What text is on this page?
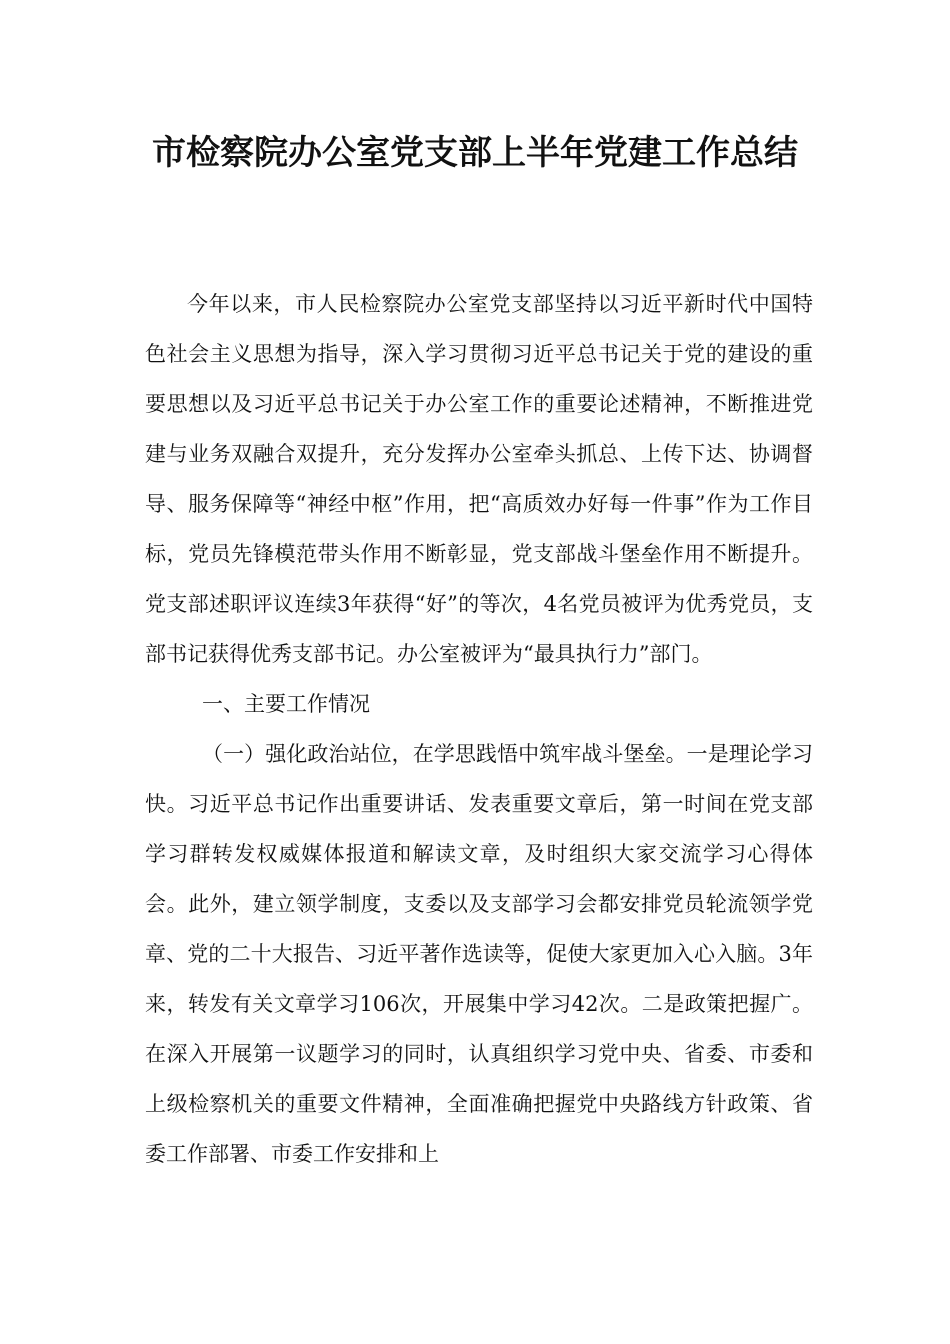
市检察院办公室党支部上半年党建工作总结

今年以来，市人民检察院办公室党支部坚持以习近平新时代中国特色社会主义思想为指导，深入学习贯彻习近平总书记关于党的建设的重要思想以及习近平总书记关于办公室工作的重要论述精神，不断推进党建与业务双融合双提升，充分发挥办公室牵头抓总、上传下达、协调督导、服务保障等“神经中枢”作用，把“高质效办好每一件事”作为工作目标，党员先锋模范带头作用不断彰显，党支部战斗堡垒作用不断提升。党支部述职评议连续3年获得“好”的等次，4名党员被评为优秀党员，支部书记获得优秀支部书记。办公室被评为“最具执行力”部门。

一、主要工作情况

（一）强化政治站位，在学思践悟中筑牢战斗堡垒。一是理论学习快。习近平总书记作出重要讲话、发表重要文章后，第一时间在党支部学习群转发权威媒体报道和解读文章，及时组织大家交流学习心得体会。此外，建立领学制度，支委以及支部学习会都安排党员轮流领学党章、党的二十大报告、习近平著作选读等，促使大家更加入心入脑。3年来，转发有关文章学习106次，开展集中学习42次。二是政策把握广。在深入开展第一议题学习的同时，认真组织学习党中央、省委、市委和上级检察机关的重要文件精神，全面准确把握党中央路线方针政策、省委工作部署、市委工作安排和上
